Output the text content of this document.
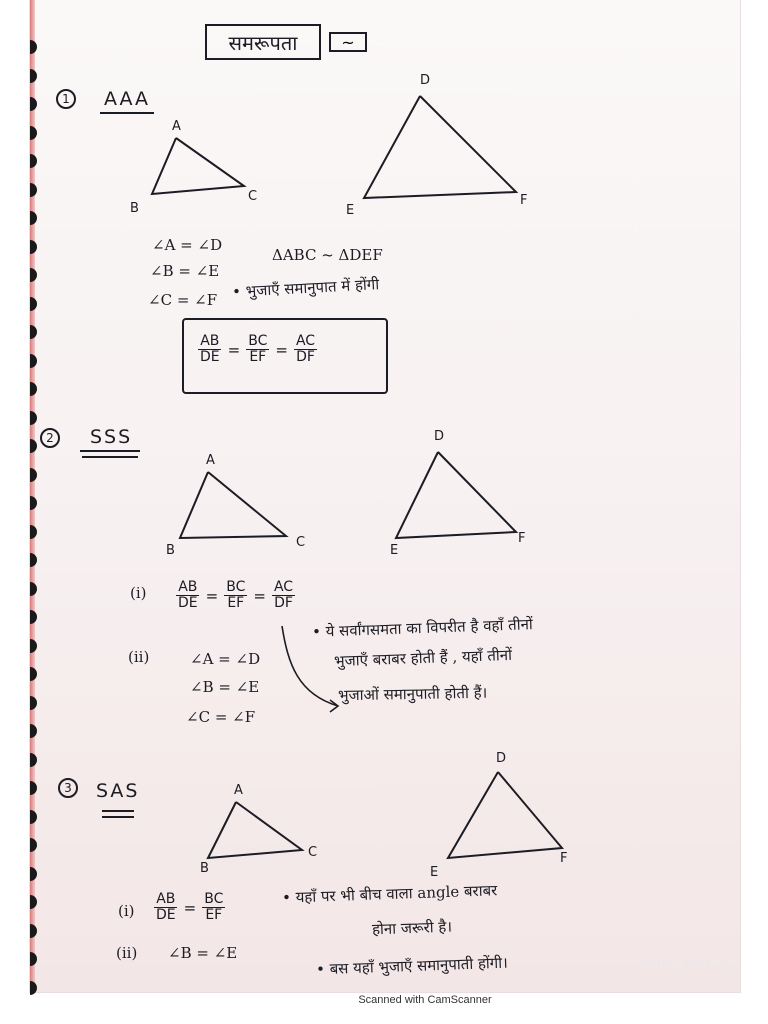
समरूपता	~
1	AAA
A
B
C
D
E
F
∠A = ∠D
∠B = ∠E
∠C = ∠F
ΔABC ~ ΔDEF
• भुजाएँ समानुपात में होंगी
$\frac{AB}{DE} = \frac{BC}{EF} = \frac{AC}{DF}$
2	SSS
A
B
C
D
E
F
$(i) \frac{AB}{DE} = \frac{BC}{EF} = \frac{AC}{DF}$
(ii)	∠A = ∠D
∠B = ∠E
∠C = ∠F
• ये सर्वांगसमता का विपरीत है वहाँ तीनों
भुजाएँ बराबर होती हैं , यहाँ तीनों
भुजाओं समानुपाती होती हैं।
3	SAS	A
B
C
D
E
F
$(i) \frac{AB}{DE} = \frac{BC}{EF}$	• यहाँ पर भी बीच वाला angle बराबर
होना जरूरी है।
(ii) ∠B = ∠E
• बस यहाँ भुजाएँ समानुपाती होंगी।	27 Nov 2024, 3:
Scanned with CamScanner
